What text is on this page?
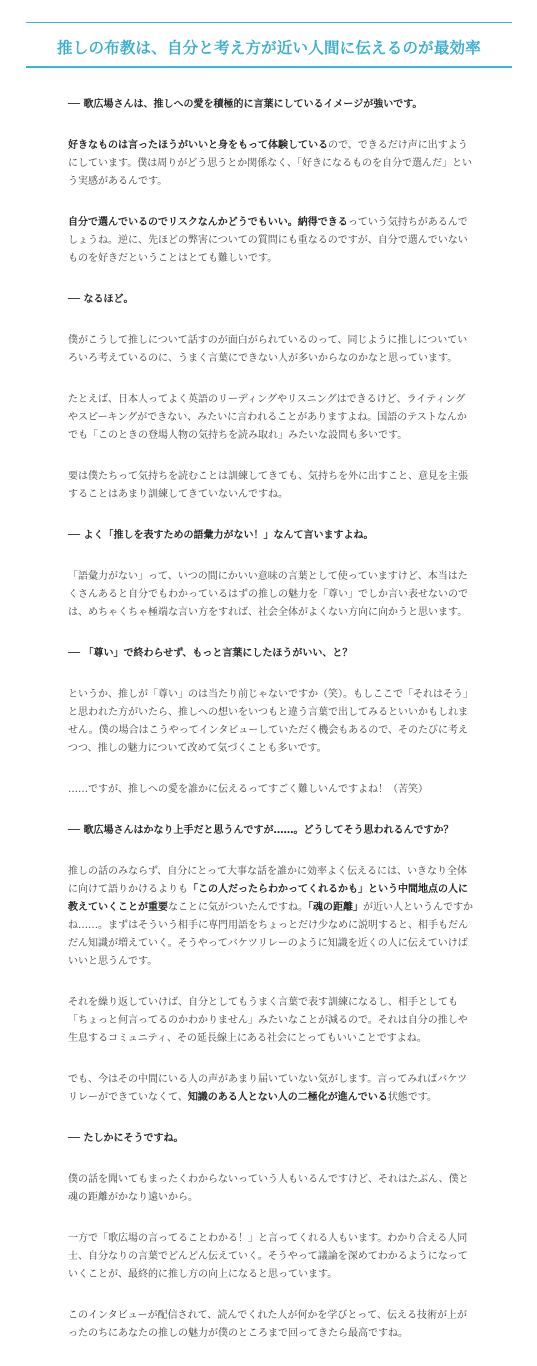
推しの布教は、自分と考え方が近い人間に伝えるのが最効率

── 歌広場さんは、推しへの愛を積極的に言葉にしているイメージが強いです。

好きなものは言ったほうがいいと身をもって体験しているので、できるだけ声に出すようにしています。僕は周りがどう思うとか関係なく、「好きになるものを自分で選んだ」という実感があるんです。

自分で選んでいるのでリスクなんかどうでもいい。納得できるっていう気持ちがあるんでしょうね。逆に、先ほどの弊害についての質問にも重なるのですが、自分で選んでいないものを好きだということはとても難しいです。

── なるほど。

僕がこうして推しについて話すのが面白がられているのって、同じように推しについていろいろ考えているのに、うまく言葉にできない人が多いからなのかなと思っています。

たとえば、日本人ってよく英語のリーディングやリスニングはできるけど、ライティングやスピーキングができない、みたいに言われることがありますよね。国語のテストなんかでも「このときの登場人物の気持ちを読み取れ」みたいな設問も多いです。

要は僕たちって気持ちを読むことは訓練してきても、気持ちを外に出すこと、意見を主張することはあまり訓練してきていないんですね。

── よく「推しを表すための語彙力がない！」なんて言いますよね。

「語彙力がない」って、いつの間にかいい意味の言葉として使っていますけど、本当はたくさんあると自分でもわかっているはずの推しの魅力を「尊い」でしか言い表せないのでは、めちゃくちゃ極端な言い方をすれば、社会全体がよくない方向に向かうと思います。

── 「尊い」で終わらせず、もっと言葉にしたほうがいい、と？

というか、推しが「尊い」のは当たり前じゃないですか（笑）。もしここで「それはそう」と思われた方がいたら、推しへの想いをいつもと違う言葉で出してみるといいかもしれません。僕の場合はこうやってインタビューしていただく機会もあるので、そのたびに考えつつ、推しの魅力について改めて気づくことも多いです。

……ですが、推しへの愛を誰かに伝えるってすごく難しいんですよね！（苦笑）

── 歌広場さんはかなり上手だと思うんですが……。どうしてそう思われるんですか？

推しの話のみならず、自分にとって大事な話を誰かに効率よく伝えるには、いきなり全体に向けて語りかけるよりも「この人だったらわかってくれるかも」という中間地点の人に教えていくことが重要なことに気がついたんですね。「魂の距離」が近い人というんですかね……。まずはそういう相手に専門用語をちょっとだけ少なめに説明すると、相手もだんだん知識が増えていく。そうやってバケツリレーのように知識を近くの人に伝えていけばいいと思うんです。

それを繰り返していけば、自分としてもうまく言葉で表す訓練になるし、相手としても「ちょっと何言ってるのかわかりません」みたいなことが減るので。それは自分の推しや生息するコミュニティ、その延長線上にある社会にとってもいいことですよね。

でも、今はその中間にいる人の声があまり届いていない気がします。言ってみればバケツリレーができていなくて、知識のある人とない人の二極化が進んでいる状態です。

── たしかにそうですね。

僕の話を聞いてもまったくわからないっていう人もいるんですけど、それはたぶん、僕と魂の距離がかなり遠いから。

一方で「歌広場の言ってることわかる！」と言ってくれる人もいます。わかり合える人同士、自分なりの言葉でどんどん伝えていく。そうやって議論を深めてわかるようになっていくことが、最終的に推し方の向上になると思っています。

このインタビューが配信されて、読んでくれた人が何かを学びとって、伝える技術が上がったのちにあなたの推しの魅力が僕のところまで回ってきたら最高ですね。
